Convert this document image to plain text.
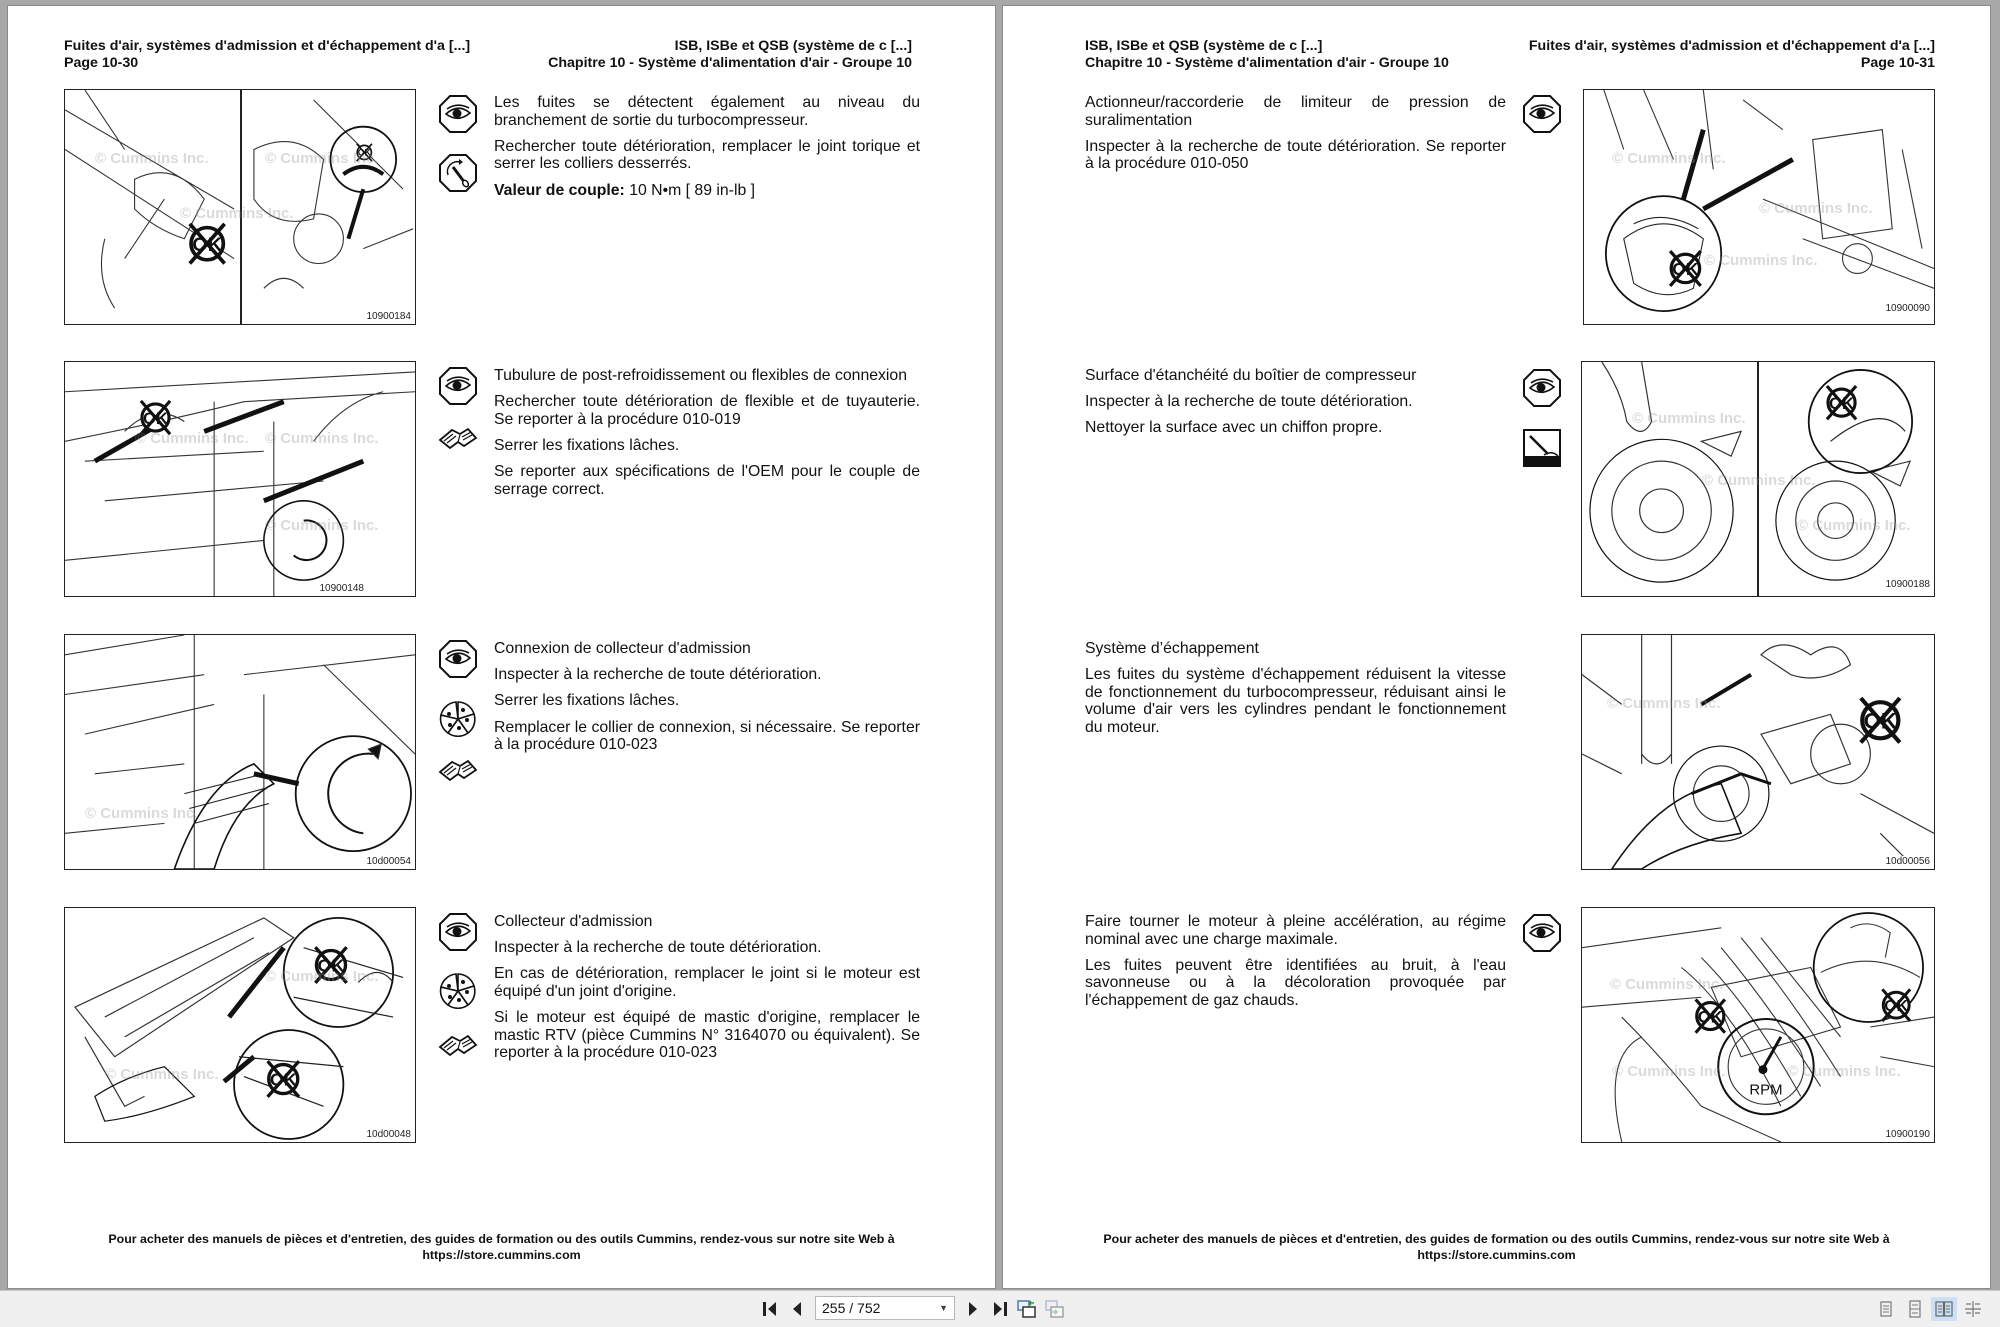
Fuites d'air, systèmes d'admission et d'échappement d'a [...]
Page 10-30
ISB, ISBe et QSB (système de c [...]
Chapitre 10 - Système d'alimentation d'air - Groupe 10
© Cummins Inc.	© Cummins Inc.
© Cummins Inc.
10900184

Les fuites se détectent également au niveau du branchement de sortie du turbocompresseur.

Rechercher toute détérioration, remplacer le joint torique et serrer les colliers desserrés.

Valeur de couple: 10 N•m [ 89 in-lb ]

© Cummins Inc. © Cummins Inc.
© Cummins Inc.
10900148

Tubulure de post-refroidissement ou flexibles de connexion

Rechercher toute détérioration de flexible et de tuyauterie. Se reporter à la procédure 010-019

Serrer les fixations lâches.

Se reporter aux spécifications de l'OEM pour le couple de serrage correct.

© Cummins Inc.
10d00054

Connexion de collecteur d'admission

Inspecter à la recherche de toute détérioration.

Serrer les fixations lâches.

Remplacer le collier de connexion, si nécessaire. Se reporter à la procédure 010-023

© Cummins Inc.
© Cummins Inc.
10d00048

Collecteur d'admission

Inspecter à la recherche de toute détérioration.

En cas de détérioration, remplacer le joint si le moteur est équipé d'un joint d'origine.

Si le moteur est équipé de mastic d'origine, remplacer le mastic RTV (pièce Cummins N° 3164070 ou équivalent). Se reporter à la procédure 010-023

Pour acheter des manuels de pièces et d'entretien, des guides de formation ou des outils Cummins, rendez-vous sur notre site Web à
https://store.cummins.com
ISB, ISBe et QSB (système de c [...]
Chapitre 10 - Système d'alimentation d'air - Groupe 10
Fuites d'air, systèmes d'admission et d'échappement d'a [...]
Page 10-31

Actionneur/raccorderie de limiteur de pression de suralimentation

Inspecter à la recherche de toute détérioration. Se reporter à la procédure 010-050	© Cummins Inc.
© Cummins Inc.
© Cummins Inc.
10900090

Surface d'étanchéité du boîtier de compresseur

Inspecter à la recherche de toute détérioration.

Nettoyer la surface avec un chiffon propre.

© Cummins Inc.
© Cummins Inc.
© Cummins Inc.
10900188

Système d’échappement

Les fuites du système d'échappement réduisent la vitesse de fonctionnement du turbocompresseur, réduisant ainsi le volume d'air vers les cylindres pendant le fonctionnement du moteur.

© Cummins Inc.
10d00056

Faire tourner le moteur à pleine accélération, au régime nominal avec une charge maximale.

Les fuites peuvent être identifiées au bruit, à l'eau savonneuse ou à la décoloration provoquée par l'échappement de gaz chauds.

RPM
© Cummins Inc.
© Cummins Inc.	© Cummins Inc.
10900190
Pour acheter des manuels de pièces et d'entretien, des guides de formation ou des outils Cummins, rendez-vous sur notre site Web à
https://store.cummins.com
255 / 752	▼
